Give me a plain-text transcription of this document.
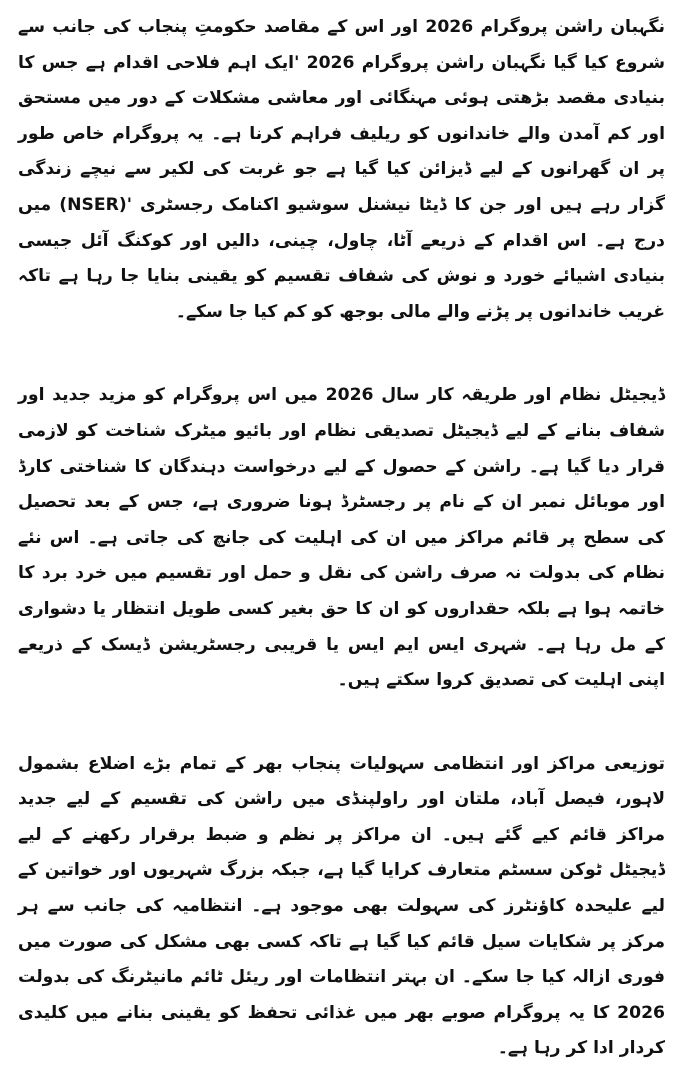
نگہبان راشن پروگرام 2026 اور اس کے مقاصد حکومتِ پنجاب کی جانب سے شروع کیا گیا نگہبان راشن پروگرام 2026 'ایک اہم فلاحی اقدام ہے جس کا بنیادی مقصد بڑھتی ہوئی مہنگائی اور معاشی مشکلات کے دور میں مستحق اور کم آمدن والے خاندانوں کو ریلیف فراہم کرنا ہے۔ یہ پروگرام خاص طور پر ان گھرانوں کے لیے ڈیزائن کیا گیا ہے جو غربت کی لکیر سے نیچے زندگی گزار رہے ہیں اور جن کا ڈیٹا نیشنل سوشیو اکنامک رجسٹری '(NSER) میں درج ہے۔ اس اقدام کے ذریعے آٹا، چاول، چینی، دالیں اور کوکنگ آئل جیسی بنیادی اشیائے خورد و نوش کی شفاف تقسیم کو یقینی بنایا جا رہا ہے تاکہ غریب خاندانوں پر پڑنے والے مالی بوجھ کو کم کیا جا سکے۔

ڈیجیٹل نظام اور طریقہ کار سال 2026 میں اس پروگرام کو مزید جدید اور شفاف بنانے کے لیے ڈیجیٹل تصدیقی نظام اور بائیو میٹرک شناخت کو لازمی قرار دیا گیا ہے۔ راشن کے حصول کے لیے درخواست دہندگان کا شناختی کارڈ اور موبائل نمبر ان کے نام پر رجسٹرڈ ہونا ضروری ہے، جس کے بعد تحصیل کی سطح پر قائم مراکز میں ان کی اہلیت کی جانچ کی جاتی ہے۔ اس نئے نظام کی بدولت نہ صرف راشن کی نقل و حمل اور تقسیم میں خرد برد کا خاتمہ ہوا ہے بلکہ حقداروں کو ان کا حق بغیر کسی طویل انتظار یا دشواری کے مل رہا ہے۔ شہری ایس ایم ایس یا قریبی رجسٹریشن ڈیسک کے ذریعے اپنی اہلیت کی تصدیق کروا سکتے ہیں۔

توزیعی مراکز اور انتظامی سہولیات پنجاب بھر کے تمام بڑے اضلاع بشمول لاہور، فیصل آباد، ملتان اور راولپنڈی میں راشن کی تقسیم کے لیے جدید مراکز قائم کیے گئے ہیں۔ ان مراکز پر نظم و ضبط برقرار رکھنے کے لیے ڈیجیٹل ٹوکن سسٹم متعارف کرایا گیا ہے، جبکہ بزرگ شہریوں اور خواتین کے لیے علیحدہ کاؤنٹرز کی سہولت بھی موجود ہے۔ انتظامیہ کی جانب سے ہر مرکز پر شکایات سیل قائم کیا گیا ہے تاکہ کسی بھی مشکل کی صورت میں فوری ازالہ کیا جا سکے۔ ان بہتر انتظامات اور ریئل ٹائم مانیٹرنگ کی بدولت 2026 کا یہ پروگرام صوبے بھر میں غذائی تحفظ کو یقینی بنانے میں کلیدی کردار ادا کر رہا ہے۔
